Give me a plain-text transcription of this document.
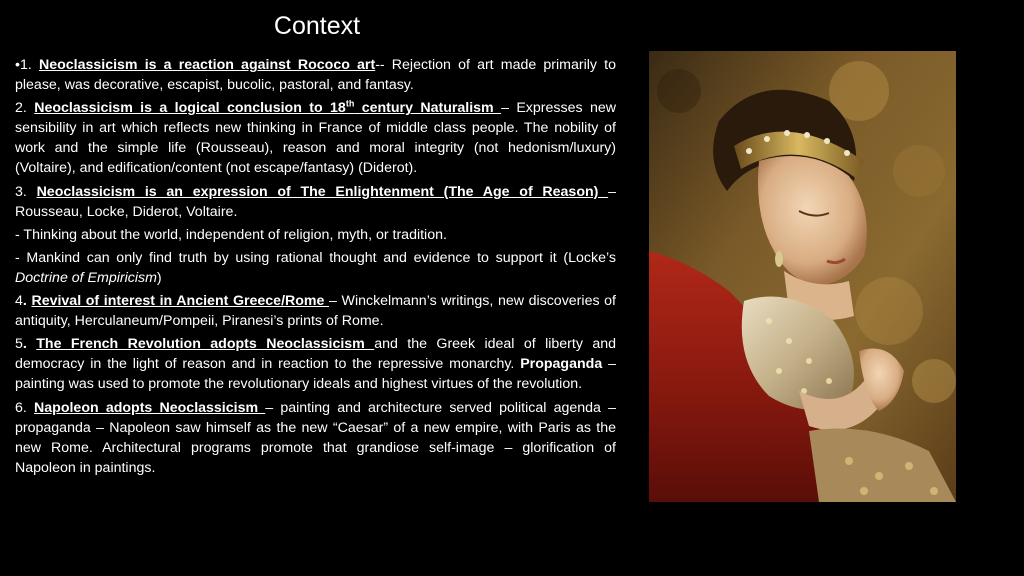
Context

•1. Neoclassicism is a reaction against Rococo art-- Rejection of art made primarily to please, was decorative, escapist, bucolic, pastoral, and fantasy.

2. Neoclassicism is a logical conclusion to 18th century Naturalism – Expresses new sensibility in art which reflects new thinking in France of middle class people. The nobility of work and the simple life (Rousseau), reason and moral integrity (not hedonism/luxury) (Voltaire), and edification/content (not escape/fantasy) (Diderot).

3. Neoclassicism is an expression of The Enlightenment (The Age of Reason) – Rousseau, Locke, Diderot, Voltaire.

- Thinking about the world, independent of religion, myth, or tradition.

- Mankind can only find truth by using rational thought and evidence to support it (Locke’s Doctrine of Empiricism)

4. Revival of interest in Ancient Greece/Rome – Winckelmann’s writings, new discoveries of antiquity, Herculaneum/Pompeii, Piranesi’s prints of Rome.

5. The French Revolution adopts Neoclassicism and the Greek ideal of liberty and democracy in the light of reason and in reaction to the repressive monarchy. Propaganda – painting was used to promote the revolutionary ideals and highest virtues of the revolution.

6. Napoleon adopts Neoclassicism – painting and architecture served political agenda – propaganda – Napoleon saw himself as the new “Caesar” of a new empire, with Paris as the new Rome. Architectural programs promote that grandiose self-image – glorification of Napoleon in paintings.
